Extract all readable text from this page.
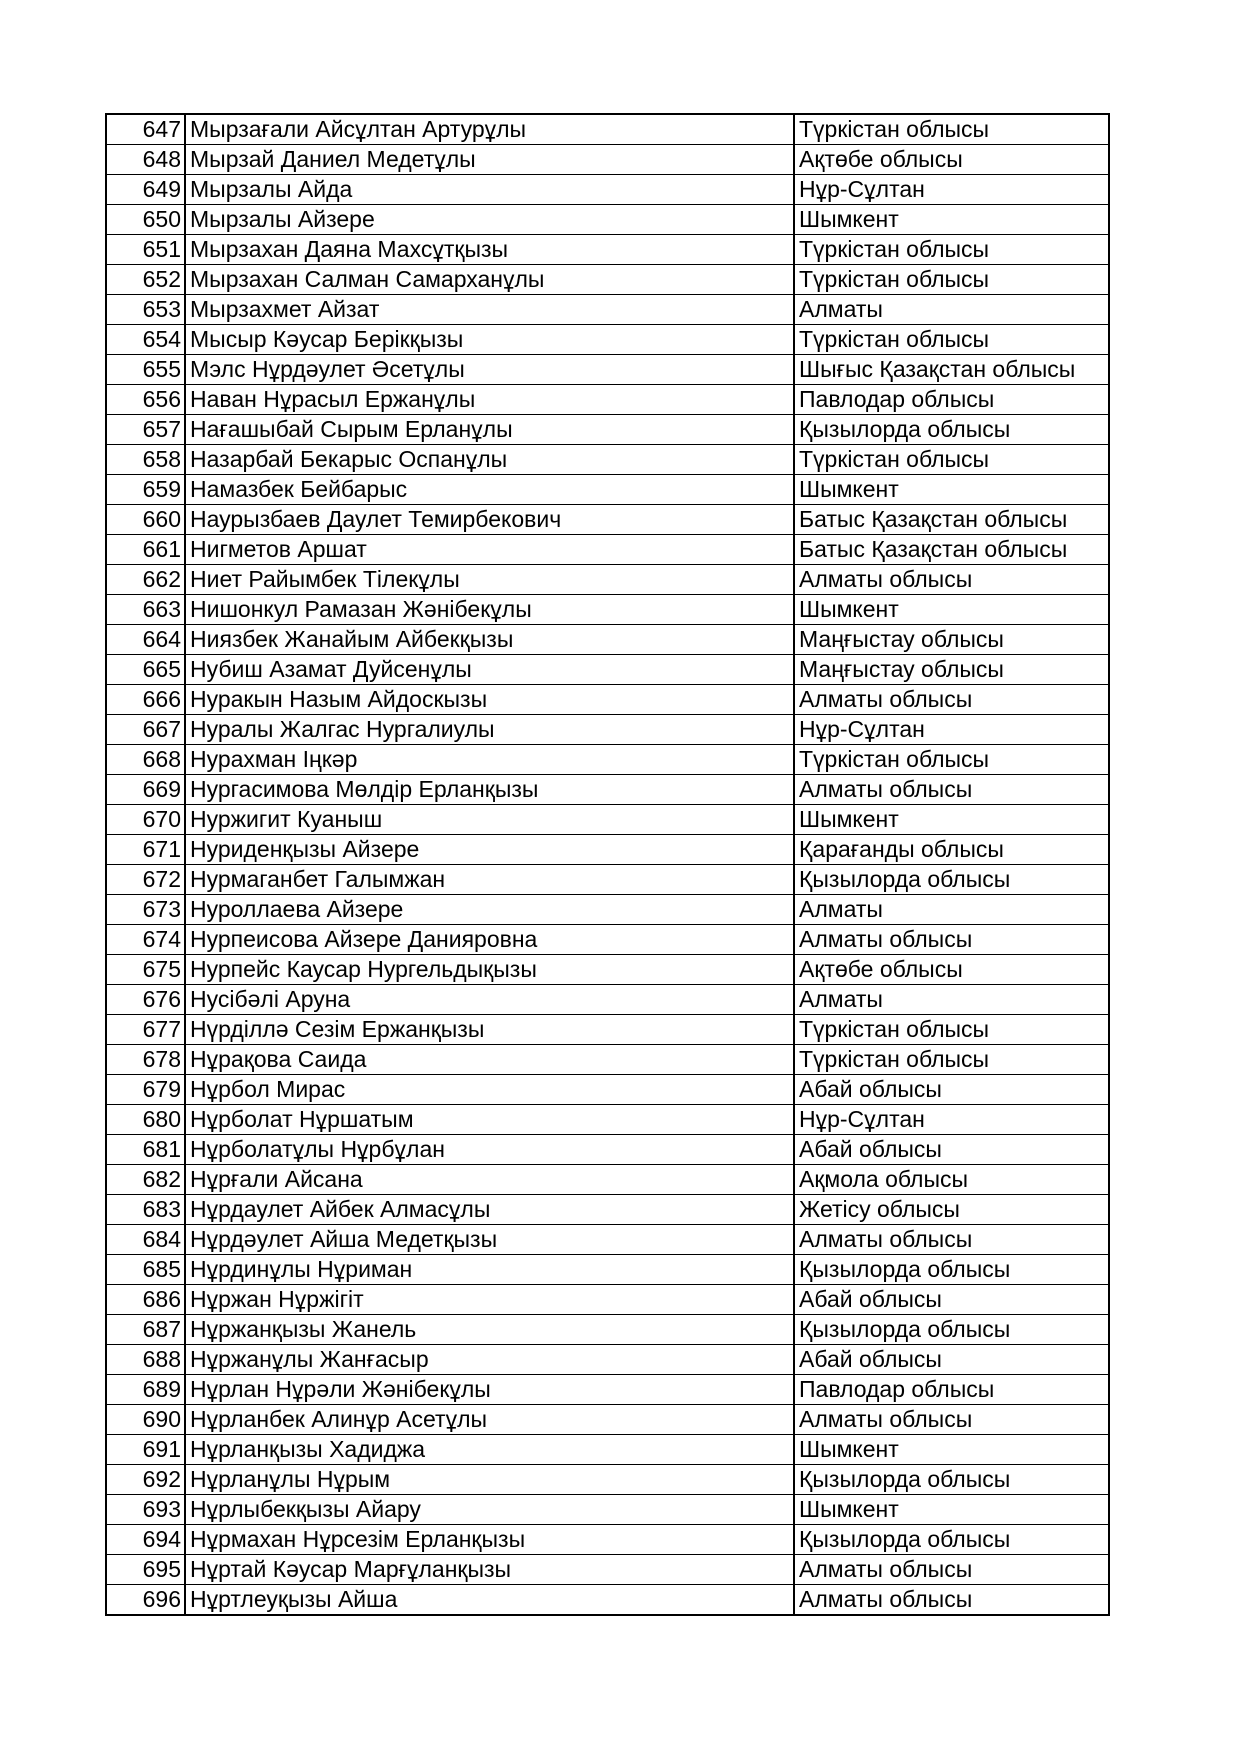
647	Мырзағали Айсұлтан Артурұлы	Түркістан облысы
648	Мырзай Даниел Медетұлы	Ақтөбе облысы
649	Мырзалы Айда	Нұр-Сұлтан
650	Мырзалы Айзере	Шымкент
651	Мырзахан Даяна Махсұтқызы	Түркістан облысы
652	Мырзахан Салман Самарханұлы	Түркістан облысы
653	Мырзахмет Айзат	Алматы
654	Мысыр Кәусар Берікқызы	Түркістан облысы
655	Мэлс Нұрдәулет Әсетұлы	Шығыс Қазақстан облысы
656	Наван Нұрасыл Ержанұлы	Павлодар облысы
657	Нағашыбай Сырым Ерланұлы	Қызылорда облысы
658	Назарбай Бекарыс Оспанұлы	Түркістан облысы
659	Намазбек Бейбарыс	Шымкент
660	Наурызбаев Даулет Темирбекович	Батыс Қазақстан облысы
661	Нигметов Аршат	Батыс Қазақстан облысы
662	Ниет Райымбек Тілекұлы	Алматы облысы
663	Нишонкул Рамазан Жәнібекұлы	Шымкент
664	Ниязбек Жанайым Айбекқызы	Маңғыстау облысы
665	Нубиш Азамат Дуйсенұлы	Маңғыстау облысы
666	Нуракын Назым Айдоскызы	Алматы облысы
667	Нуралы Жалгас Нургалиулы	Нұр-Сұлтан
668	Нурахман Іңкәр	Түркістан облысы
669	Нургасимова Мөлдір Ерланқызы	Алматы облысы
670	Нуржигит Куаныш	Шымкент
671	Нуриденқызы Айзере	Қарағанды облысы
672	Нурмаганбет Галымжан	Қызылорда облысы
673	Нуроллаева Айзере	Алматы
674	Нурпеисова Айзере Данияровна	Алматы облысы
675	Нурпейс Каусар Нургельдықызы	Ақтөбе облысы
676	Нусібәлі Аруна	Алматы
677	Нүрділлә Сезім Ержанқызы	Түркістан облысы
678	Нұрақова Саида	Түркістан облысы
679	Нұрбол Мирас	Абай облысы
680	Нұрболат Нұршатым	Нұр-Сұлтан
681	Нұрболатұлы Нұрбұлан	Абай облысы
682	Нұрғали Айсана	Ақмола облысы
683	Нұрдаулет Айбек Алмасұлы	Жетісу облысы
684	Нұрдәулет Айша Медетқызы	Алматы облысы
685	Нұрдинұлы Нұриман	Қызылорда облысы
686	Нұржан Нұржігіт	Абай облысы
687	Нұржанқызы Жанель	Қызылорда облысы
688	Нұржанұлы Жанғасыр	Абай облысы
689	Нұрлан Нұрәли Жәнібекұлы	Павлодар облысы
690	Нұрланбек Алинұр Асетұлы	Алматы облысы
691	Нұрланқызы Хадиджа	Шымкент
692	Нұрланұлы Нұрым	Қызылорда облысы
693	Нұрлыбекқызы Айару	Шымкент
694	Нұрмахан Нұрсезім Ерланқызы	Қызылорда облысы
695	Нұртай Кәусар Марғұланқызы	Алматы облысы
696	Нұртлеуқызы Айша	Алматы облысы
